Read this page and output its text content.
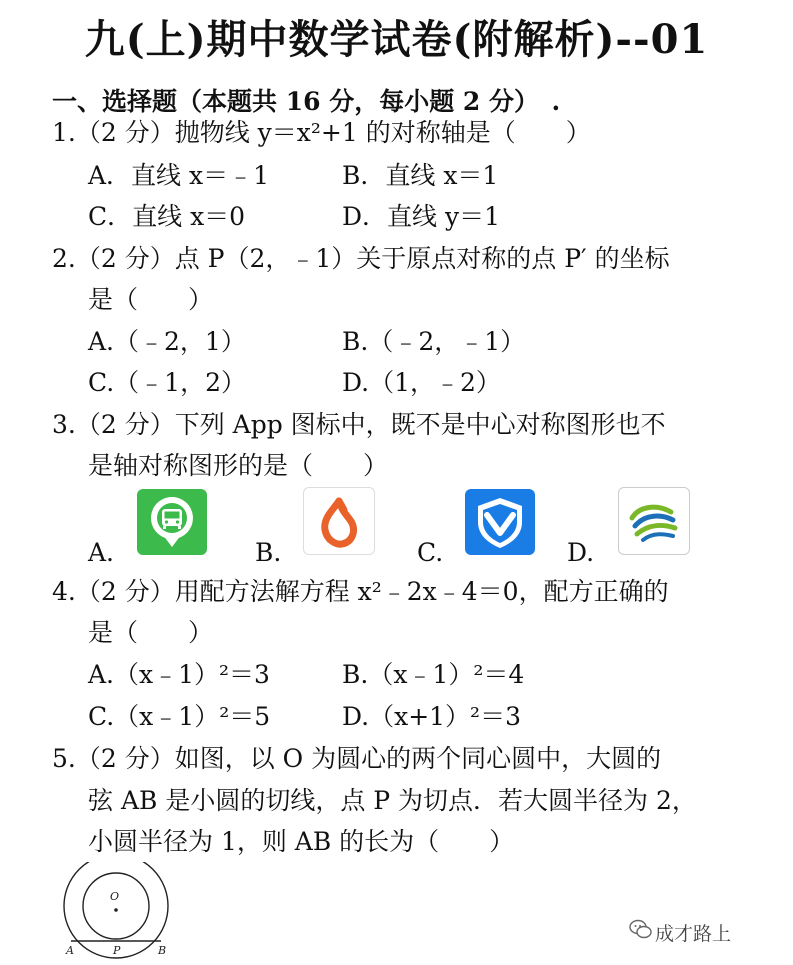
九(上)期中数学试卷(附解析)--01
一、选择题（本题共 16 分，每小题 2 分）　.
1.（2 分）抛物线 y＝x²+1 的对称轴是（　　）
A．直线 x＝﹣1	B．直线 x＝1
C．直线 x＝0	D．直线 y＝1
2.（2 分）点 P（2，﹣1）关于原点对称的点 P′ 的坐标
是（　　）
A.（﹣2，1）	B.（﹣2，﹣1）
C.（﹣1，2）	D.（1，﹣2）
3.（2 分）下列 App 图标中，既不是中心对称图形也不
是轴对称图形的是（　　）
A.	B.	C.	D.
4.（2 分）用配方法解方程 x²﹣2x﹣4＝0，配方正确的
是（　　）
A.（x﹣1）²＝3	B.（x﹣1）²＝4
C.（x﹣1）²＝5	D.（x+1）²＝3
5.（2 分）如图，以 O 为圆心的两个同心圆中，大圆的
弦 AB 是小圆的切线，点 P 为切点．若大圆半径为 2，
小圆半径为 1，则 AB 的长为（　　）
O
A	P	B
成才路上
